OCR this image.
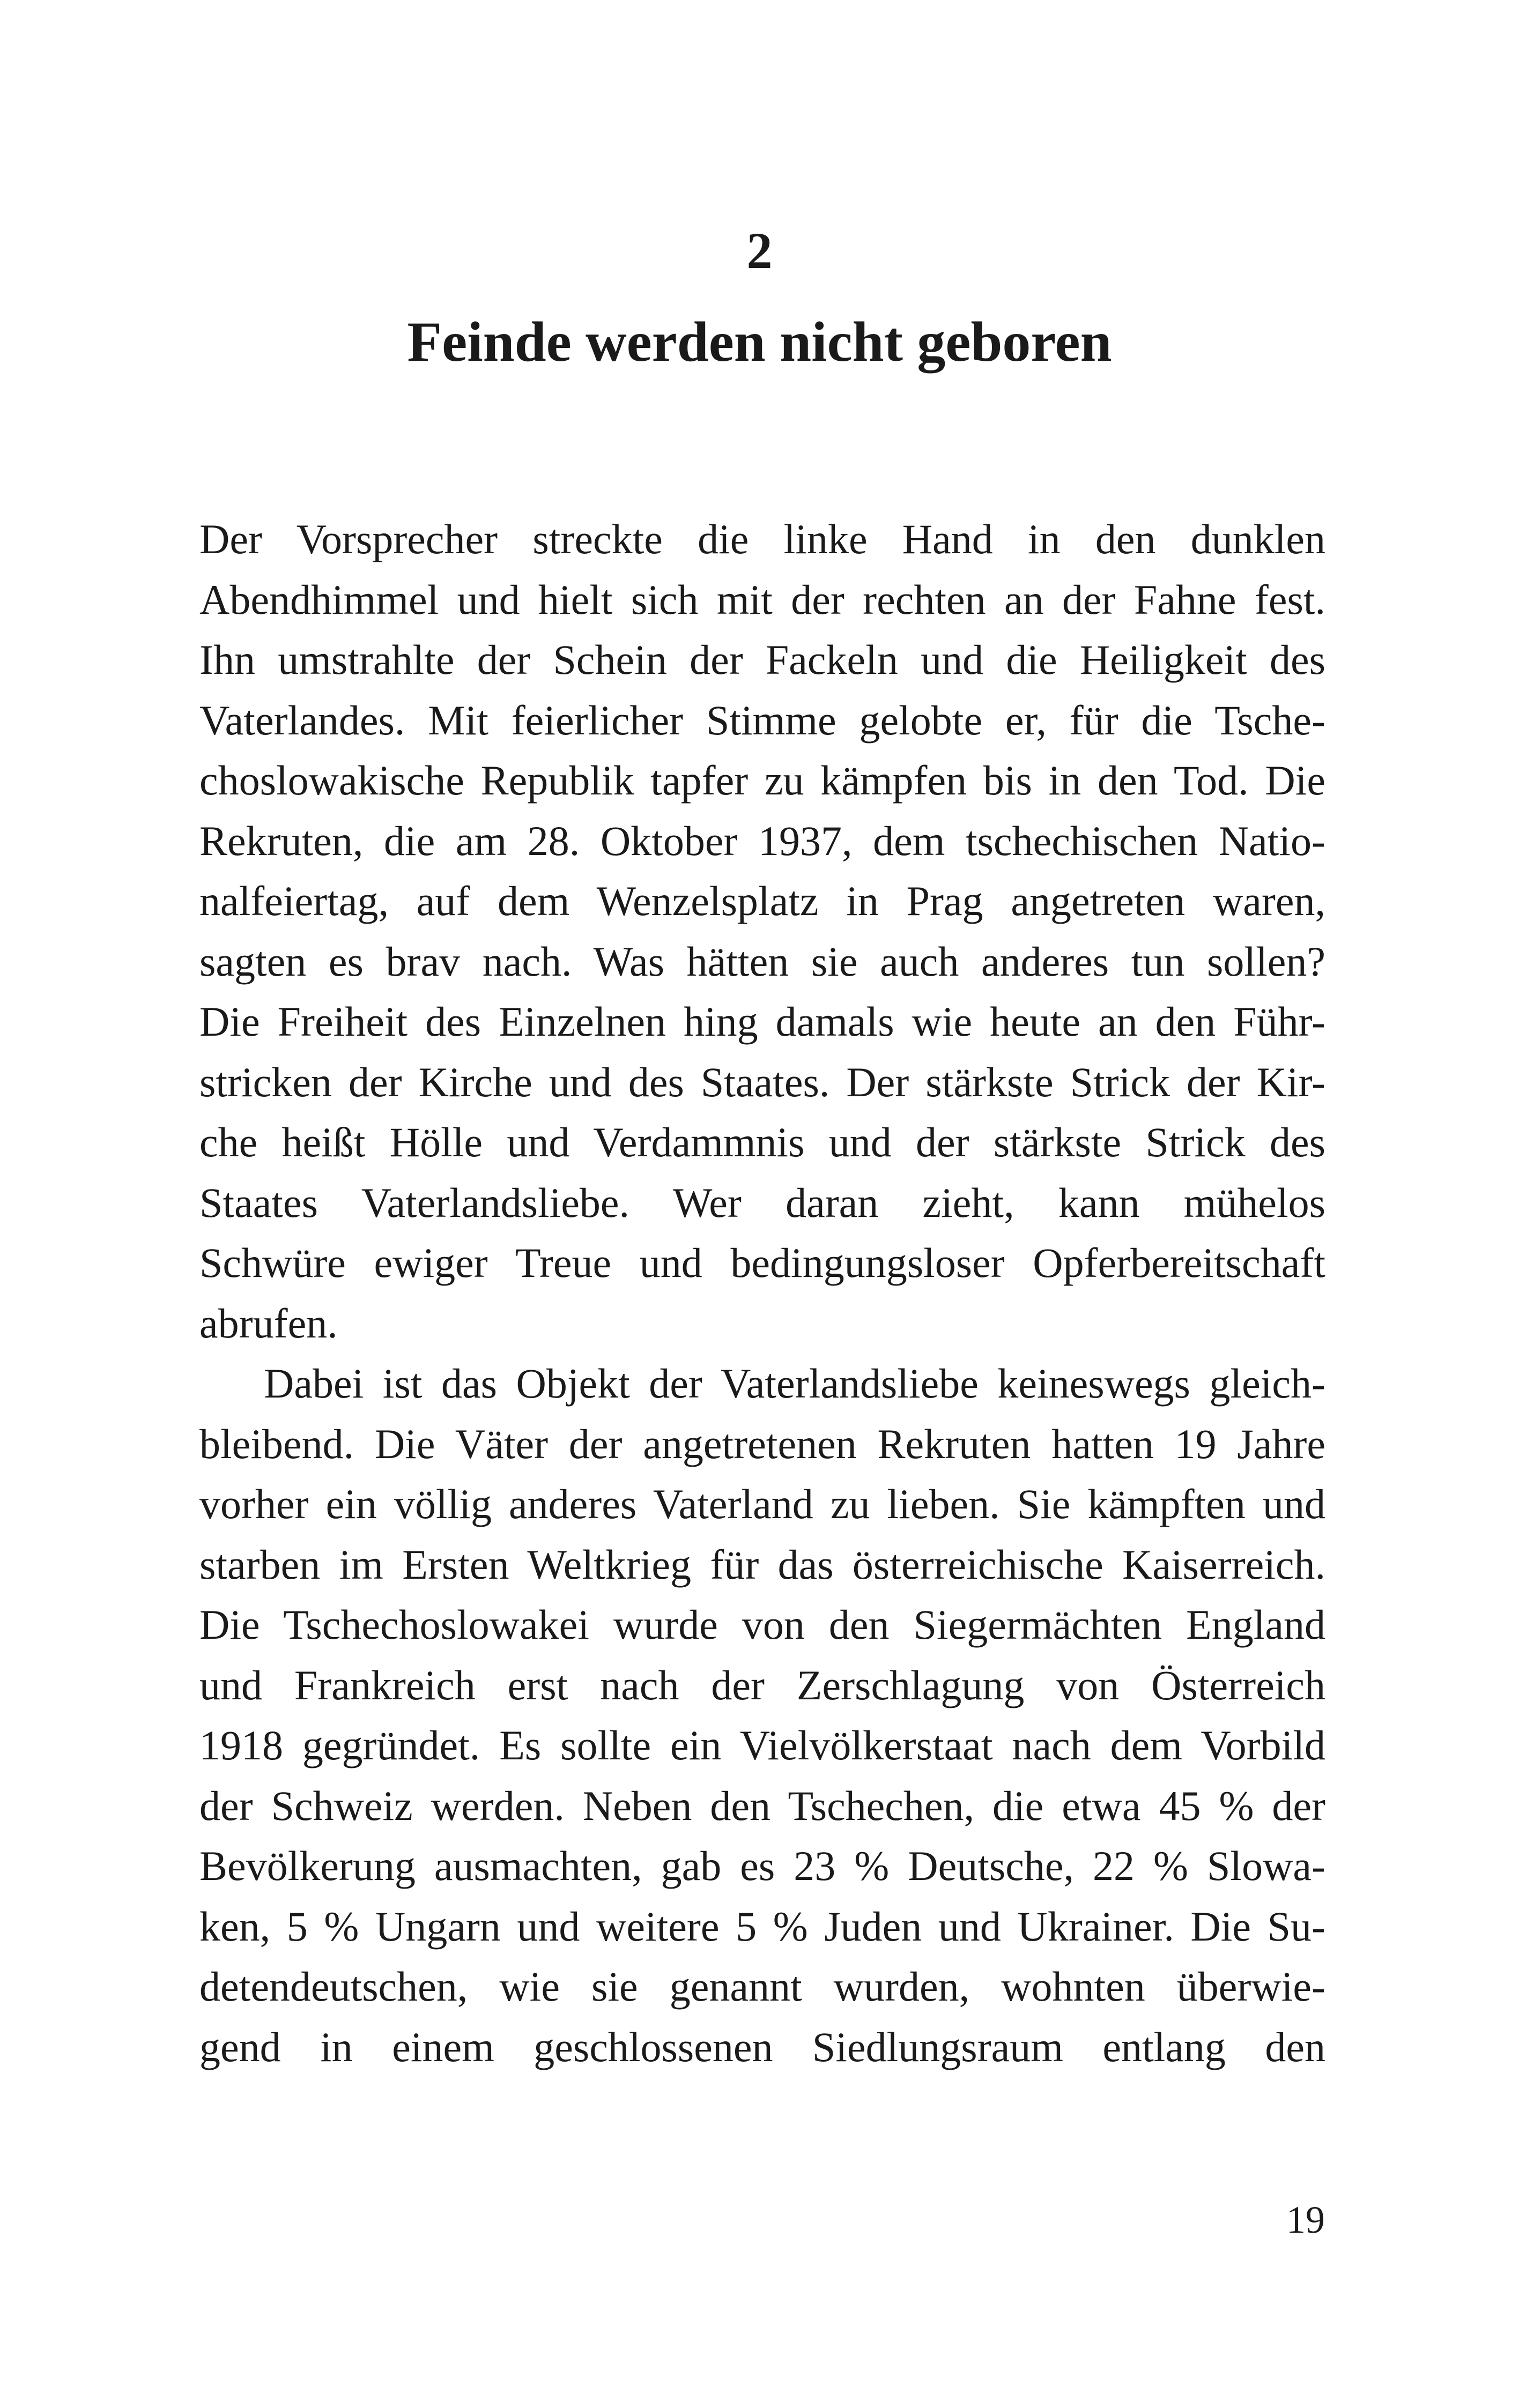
2
Feinde werden nicht geboren
Der Vorsprecher streckte die linke Hand in den dunklen
Abendhimmel und hielt sich mit der rechten an der Fahne fest.
Ihn umstrahlte der Schein der Fackeln und die Heiligkeit des
Vaterlandes. Mit feierlicher Stimme gelobte er, für die Tsche-
choslowakische Republik tapfer zu kämpfen bis in den Tod. Die
Rekruten, die am 28. Oktober 1937, dem tschechischen Natio-
nalfeiertag, auf dem Wenzelsplatz in Prag angetreten waren,
sagten es brav nach. Was hätten sie auch anderes tun sollen?
Die Freiheit des Einzelnen hing damals wie heute an den Führ-
stricken der Kirche und des Staates. Der stärkste Strick der Kir-
che heißt Hölle und Verdammnis und der stärkste Strick des
Staates Vaterlandsliebe. Wer daran zieht, kann mühelos
Schwüre ewiger Treue und bedingungsloser Opferbereitschaft
abrufen.
Dabei ist das Objekt der Vaterlandsliebe keineswegs gleich-
bleibend. Die Väter der angetretenen Rekruten hatten 19 Jahre
vorher ein völlig anderes Vaterland zu lieben. Sie kämpften und
starben im Ersten Weltkrieg für das österreichische Kaiserreich.
Die Tschechoslowakei wurde von den Siegermächten England
und Frankreich erst nach der Zerschlagung von Österreich
1918 gegründet. Es sollte ein Vielvölkerstaat nach dem Vorbild
der Schweiz werden. Neben den Tschechen, die etwa 45 % der
Bevölkerung ausmachten, gab es 23 % Deutsche, 22 % Slowa-
ken, 5 % Ungarn und weitere 5 % Juden und Ukrainer. Die Su-
detendeutschen, wie sie genannt wurden, wohnten überwie-
gend in einem geschlossenen Siedlungsraum entlang den
19
